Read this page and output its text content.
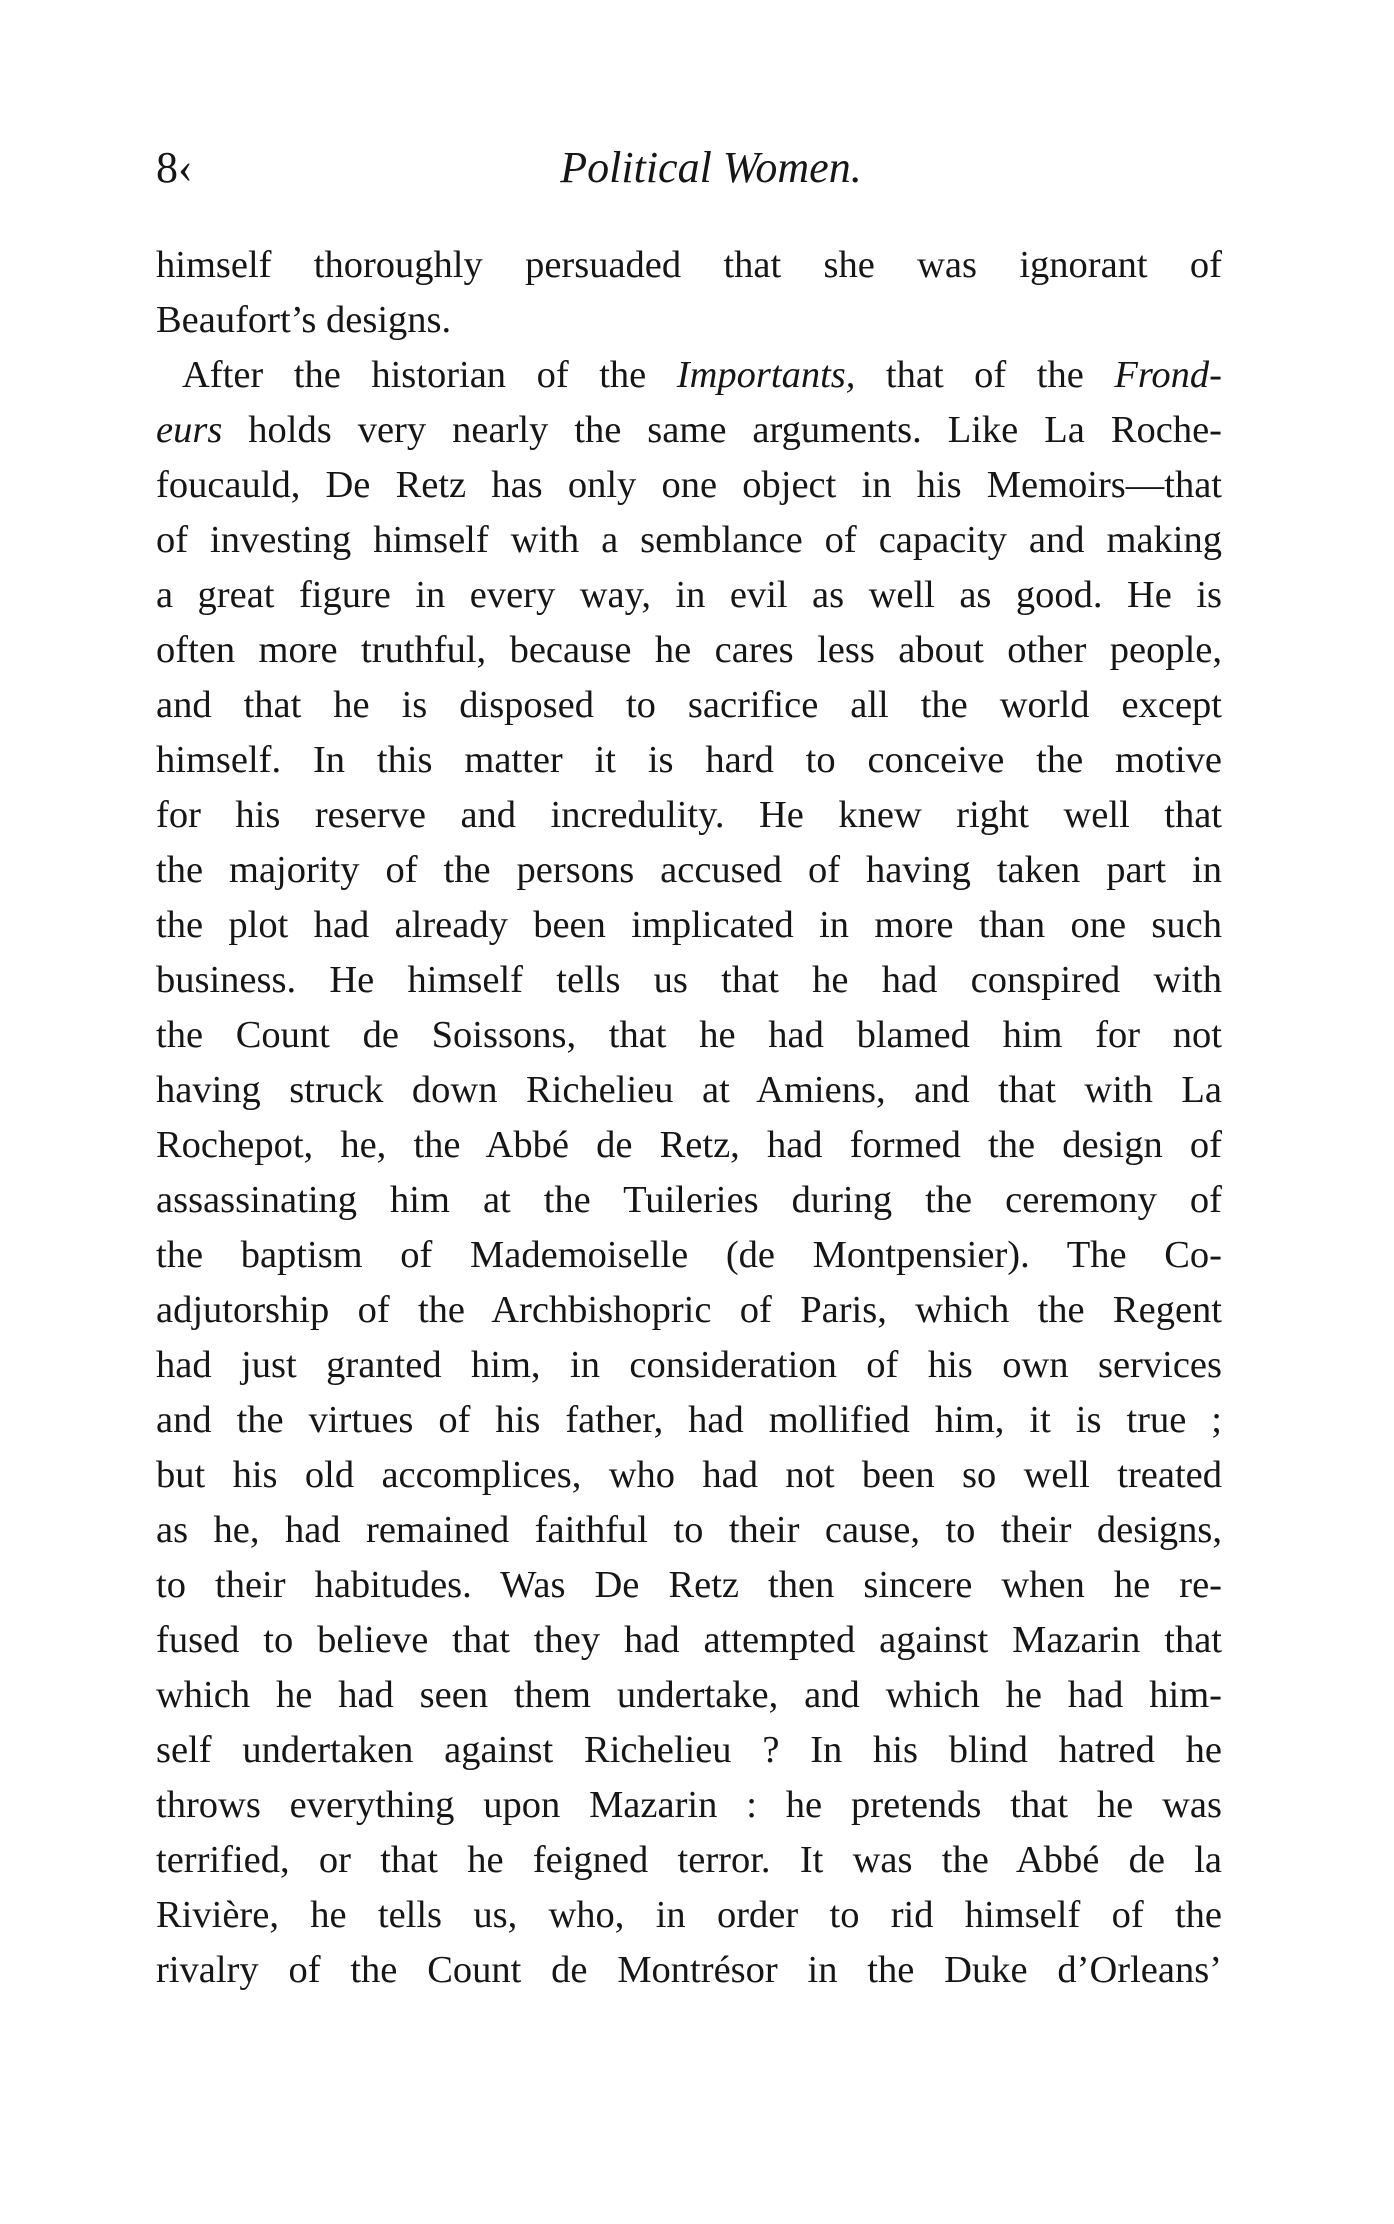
8‹	Political Women.

himself thoroughly persuaded that she was ignorant of
Beaufort’s designs.

After the historian of the Importants, that of the Frond-
eurs holds very nearly the same arguments. Like La Roche-
foucauld, De Retz has only one object in his Memoirs—that
of investing himself with a semblance of capacity and making
a great figure in every way, in evil as well as good. He is
often more truthful, because he cares less about other people,
and that he is disposed to sacrifice all the world except
himself. In this matter it is hard to conceive the motive
for his reserve and incredulity. He knew right well that
the majority of the persons accused of having taken part in
the plot had already been implicated in more than one such
business. He himself tells us that he had conspired with
the Count de Soissons, that he had blamed him for not
having struck down Richelieu at Amiens, and that with La
Rochepot, he, the Abbé de Retz, had formed the design of
assassinating him at the Tuileries during the ceremony of
the baptism of Mademoiselle (de Montpensier). The Co-
adjutorship of the Archbishopric of Paris, which the Regent
had just granted him, in consideration of his own services
and the virtues of his father, had mollified him, it is true ;
but his old accomplices, who had not been so well treated
as he, had remained faithful to their cause, to their designs,
to their habitudes. Was De Retz then sincere when he re-
fused to believe that they had attempted against Mazarin that
which he had seen them undertake, and which he had him-
self undertaken against Richelieu ? In his blind hatred he
throws everything upon Mazarin : he pretends that he was
terrified, or that he feigned terror. It was the Abbé de la
Rivière, he tells us, who, in order to rid himself of the
rivalry of the Count de Montrésor in the Duke d’Orleans’
